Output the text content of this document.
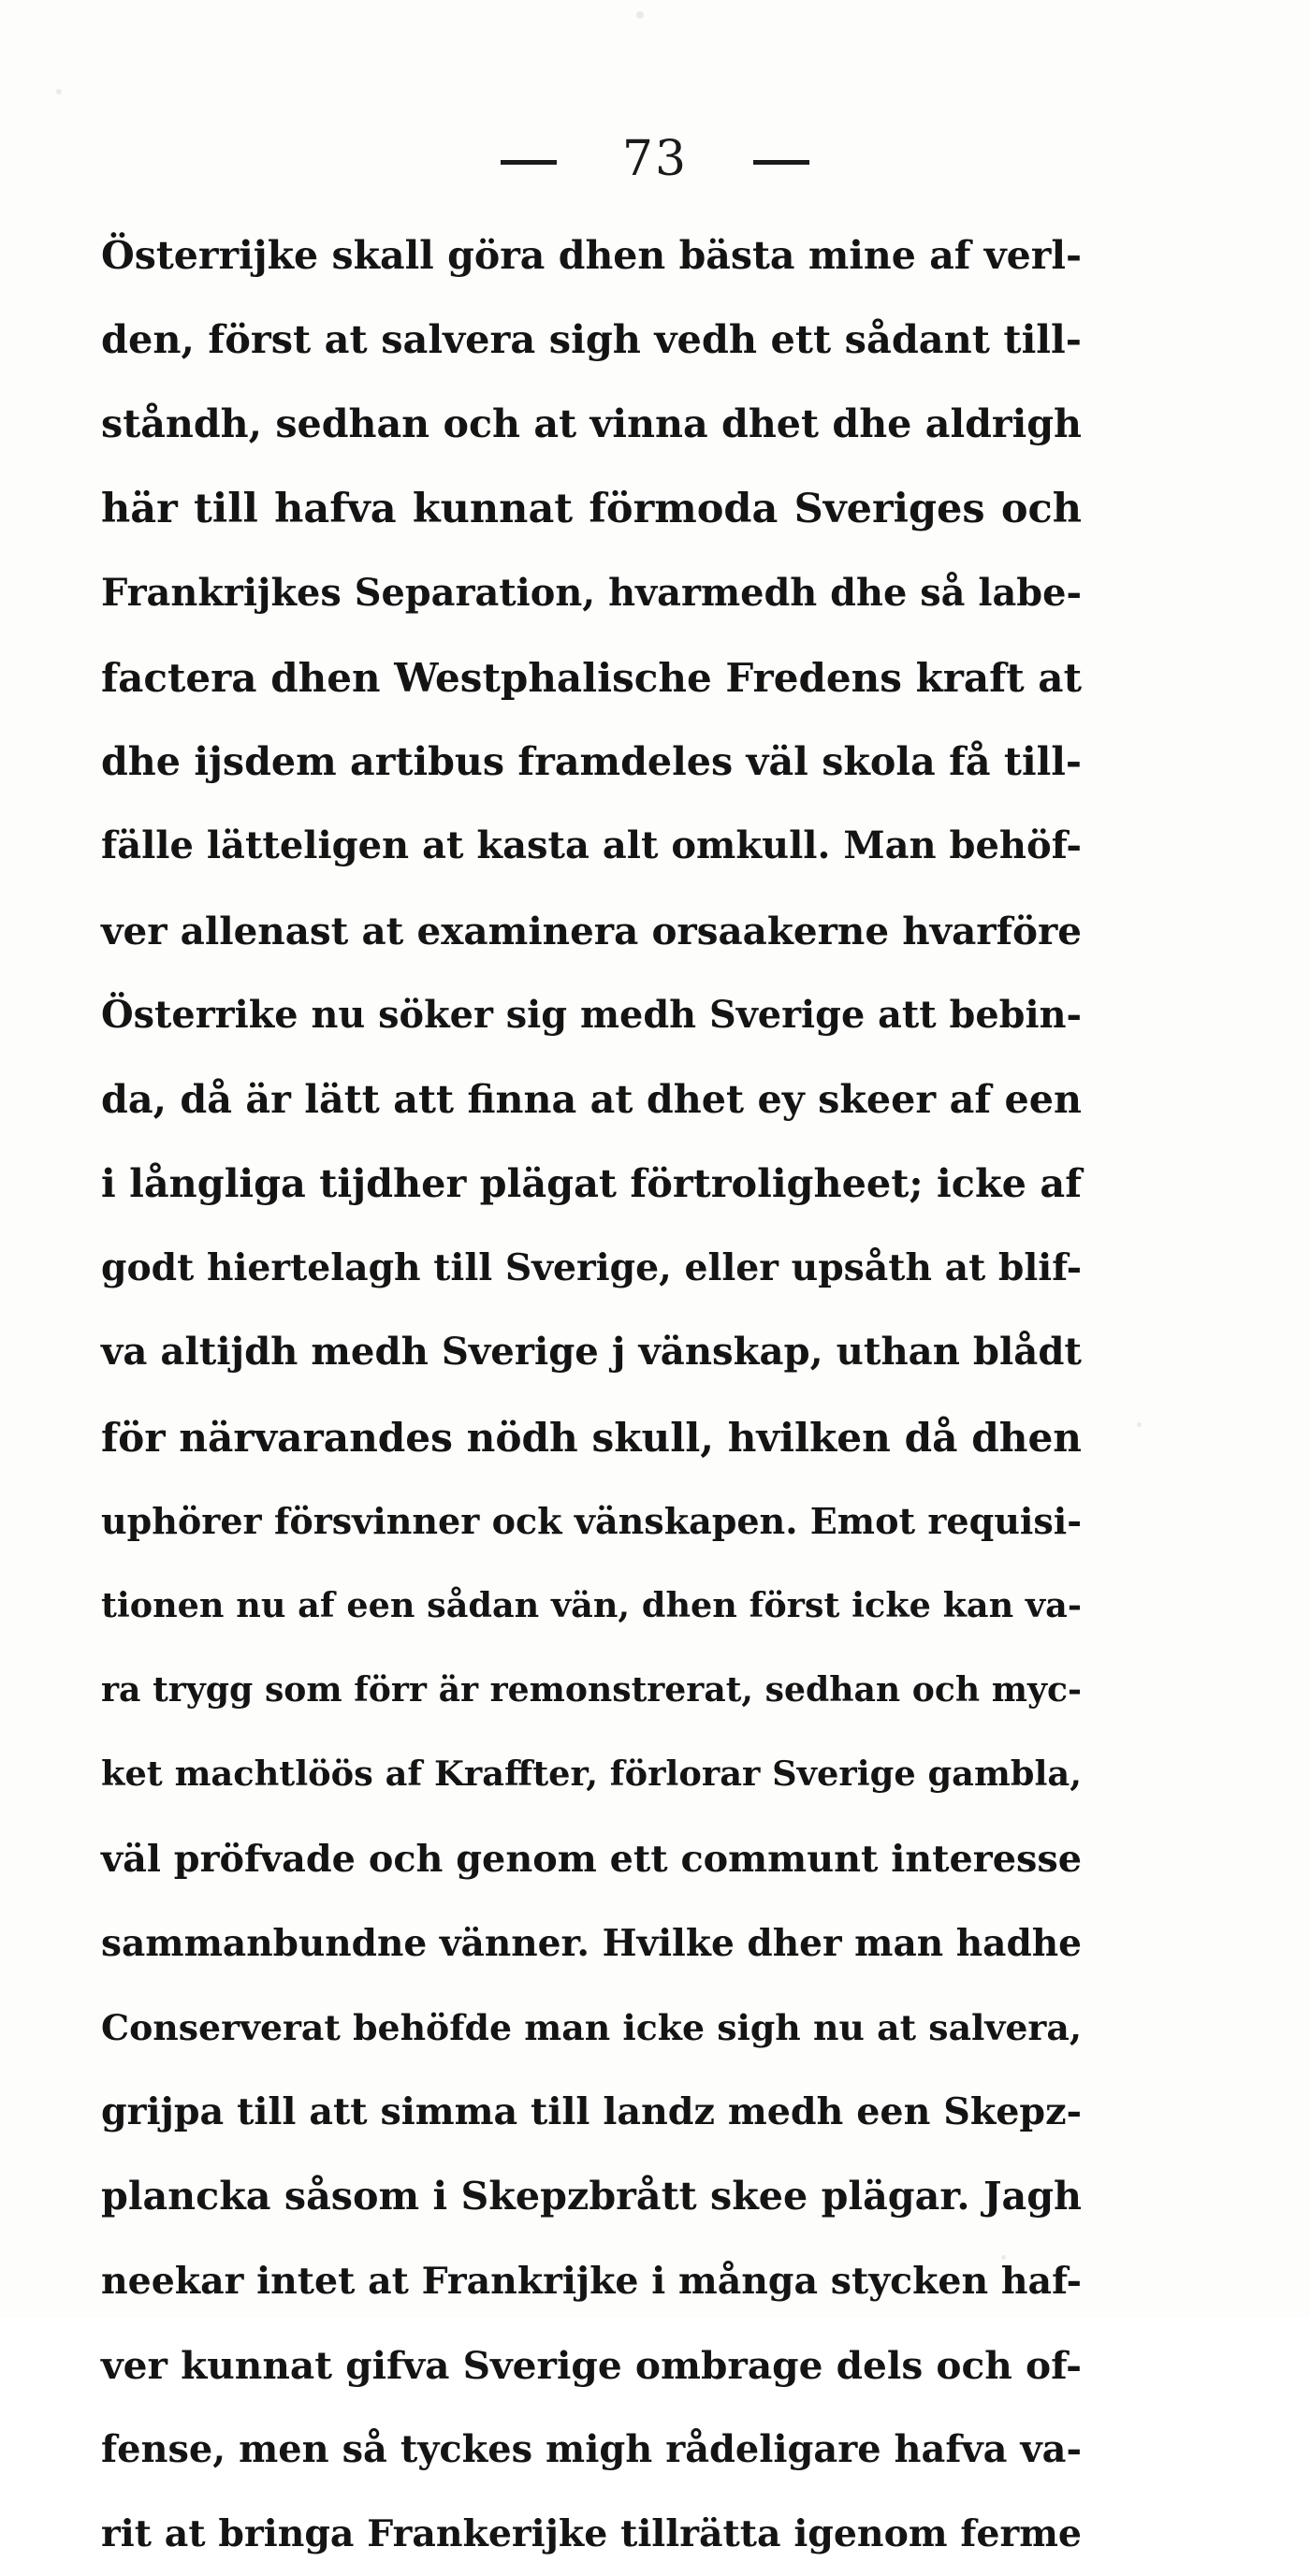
73
Österrijke skall göra dhen bästa mine af verl-
den, först at salvera sigh vedh ett sådant till-
ståndh, sedhan och at vinna dhet dhe aldrigh
här till hafva kunnat förmoda Sveriges och
Frankrijkes Separation, hvarmedh dhe så labe-
factera dhen Westphalische Fredens kraft at
dhe ijsdem artibus framdeles väl skola få till-
fälle lätteligen at kasta alt omkull. Man behöf-
ver allenast at examinera orsaakerne hvarföre
Österrike nu söker sig medh Sverige att bebin-
da, då är lätt att finna at dhet ey skeer af een
i långliga tijdher plägat förtroligheet; icke af
godt hiertelagh till Sverige, eller upsåth at blif-
va altijdh medh Sverige j vänskap, uthan blådt
för närvarandes nödh skull, hvilken då dhen
uphörer försvinner ock vänskapen. Emot requisi-
tionen nu af een sådan vän, dhen först icke kan va-
ra trygg som förr är remonstrerat, sedhan och myc-
ket machtlöös af Kraffter, förlorar Sverige gambla,
väl pröfvade och genom ett communt interesse
sammanbundne vänner. Hvilke dher man hadhe
Conserverat behöfde man icke sigh nu at salvera,
grijpa till att simma till landz medh een Skepz-
plancka såsom i Skepzbrått skee plägar. Jagh
neekar intet at Frankrijke i många stycken haf-
ver kunnat gifva Sverige ombrage dels och of-
fense, men så tyckes migh rådeligare hafva va-
rit at bringa Frankerijke tillrätta igenom ferme
